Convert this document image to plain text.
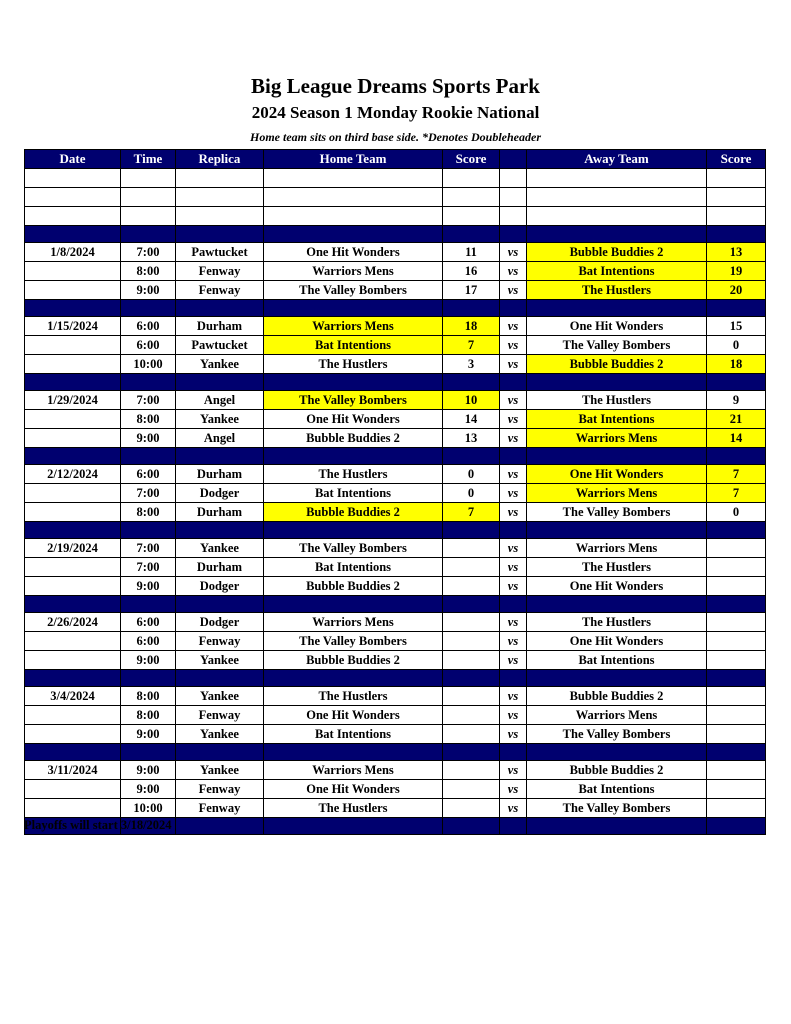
Big League Dreams Sports Park
2024 Season 1 Monday Rookie National
Home team sits on third base side. *Denotes Doubleheader
Date	Time	Replica	Home Team	Score		Away Team	Score

1/8/2024	7:00	Pawtucket	One Hit Wonders	11	vs	Bubble Buddies 2	13
	8:00	Fenway	Warriors Mens	16	vs	Bat Intentions	19
	9:00	Fenway	The Valley Bombers	17	vs	The Hustlers	20

1/15/2024	6:00	Durham	Warriors Mens	18	vs	One Hit Wonders	15
	6:00	Pawtucket	Bat Intentions	7	vs	The Valley Bombers	0
	10:00	Yankee	The Hustlers	3	vs	Bubble Buddies 2	18

1/29/2024	7:00	Angel	The Valley Bombers	10	vs	The Hustlers	9
	8:00	Yankee	One Hit Wonders	14	vs	Bat Intentions	21
	9:00	Angel	Bubble Buddies 2	13	vs	Warriors Mens	14

2/12/2024	6:00	Durham	The Hustlers	0	vs	One Hit Wonders	7
	7:00	Dodger	Bat Intentions	0	vs	Warriors Mens	7
	8:00	Durham	Bubble Buddies 2	7	vs	The Valley Bombers	0

2/19/2024	7:00	Yankee	The Valley Bombers		vs	Warriors Mens	
	7:00	Durham	Bat Intentions		vs	The Hustlers	
	9:00	Dodger	Bubble Buddies 2		vs	One Hit Wonders	

2/26/2024	6:00	Dodger	Warriors Mens		vs	The Hustlers	
	6:00	Fenway	The Valley Bombers		vs	One Hit Wonders	
	9:00	Yankee	Bubble Buddies 2		vs	Bat Intentions	

3/4/2024	8:00	Yankee	The Hustlers		vs	Bubble Buddies 2	
	8:00	Fenway	One Hit Wonders		vs	Warriors Mens	
	9:00	Yankee	Bat Intentions		vs	The Valley Bombers	

3/11/2024	9:00	Yankee	Warriors Mens		vs	Bubble Buddies 2	
	9:00	Fenway	One Hit Wonders		vs	Bat Intentions	
	10:00	Fenway	The Hustlers		vs	The Valley Bombers	

Playoffs will start 3/18/2024
